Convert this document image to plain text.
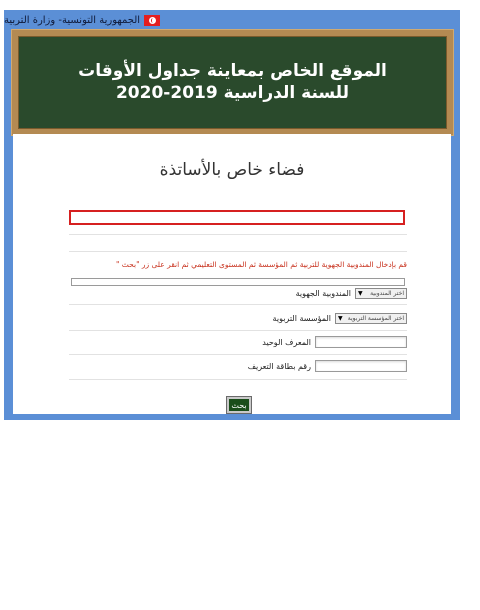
الجمهورية التونسية- وزارة التربية
الموقع الخاص بمعاينة جداول الأوقات
للسنة الدراسية 2019-2020
فضاء خاص بالأساتذة
قم بإدخال المندوبية الجهوية للتربية ثم المؤسسة ثم المستوى التعليمي ثم انقر على زر "بحث "
المندوبية الجهوية	اختر المندوبية
▼
المؤسسة التربوية	اختر المؤسسة التربوية
▼
المعرف الوحيد
رقم بطاقة التعريف
بحث
